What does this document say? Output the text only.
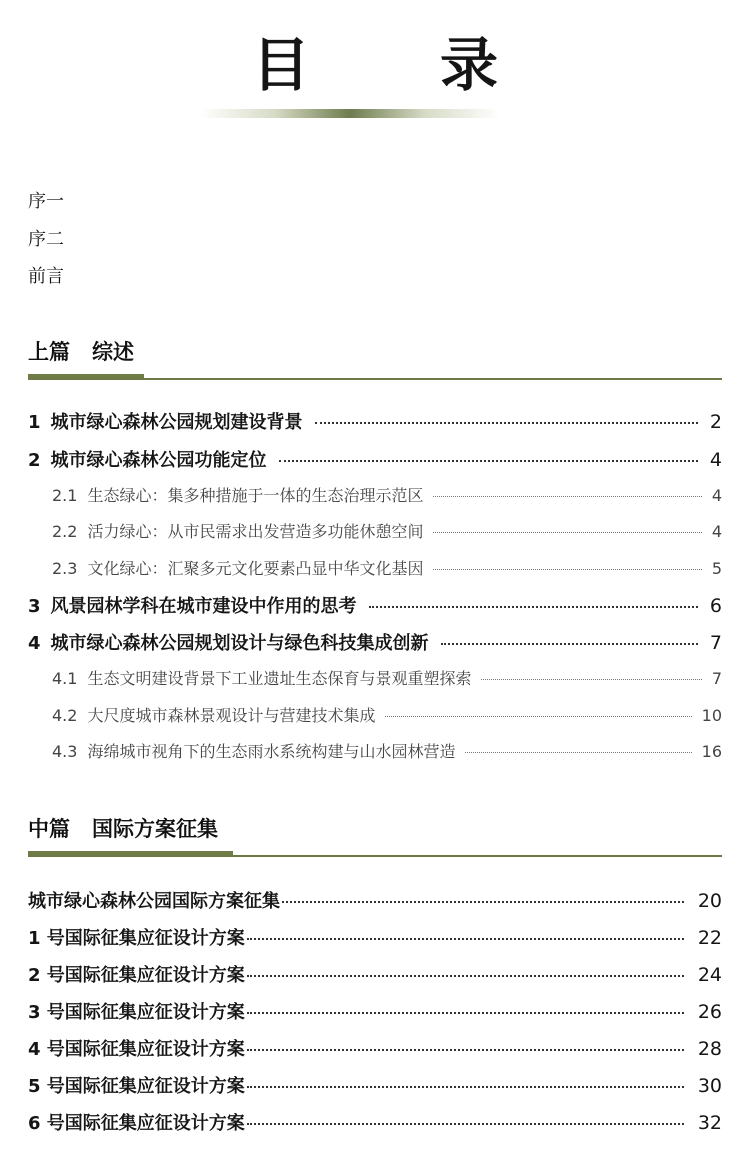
目　录
序一
序二
前言
上篇 综述
1 城市绿心森林公园规划建设背景	2
2 城市绿心森林公园功能定位	4
2.1 生态绿心：集多种措施于一体的生态治理示范区	4
2.2 活力绿心：从市民需求出发营造多功能休憩空间	4
2.3 文化绿心：汇聚多元文化要素凸显中华文化基因	5
3 风景园林学科在城市建设中作用的思考	6
4 城市绿心森林公园规划设计与绿色科技集成创新	7
4.1 生态文明建设背景下工业遗址生态保育与景观重塑探索	7
4.2 大尺度城市森林景观设计与营建技术集成	10
4.3 海绵城市视角下的生态雨水系统构建与山水园林营造	16
中篇 国际方案征集
城市绿心森林公园国际方案征集	20
1 号国际征集应征设计方案	22
2 号国际征集应征设计方案	24
3 号国际征集应征设计方案	26
4 号国际征集应征设计方案	28
5 号国际征集应征设计方案	30
6 号国际征集应征设计方案	32
